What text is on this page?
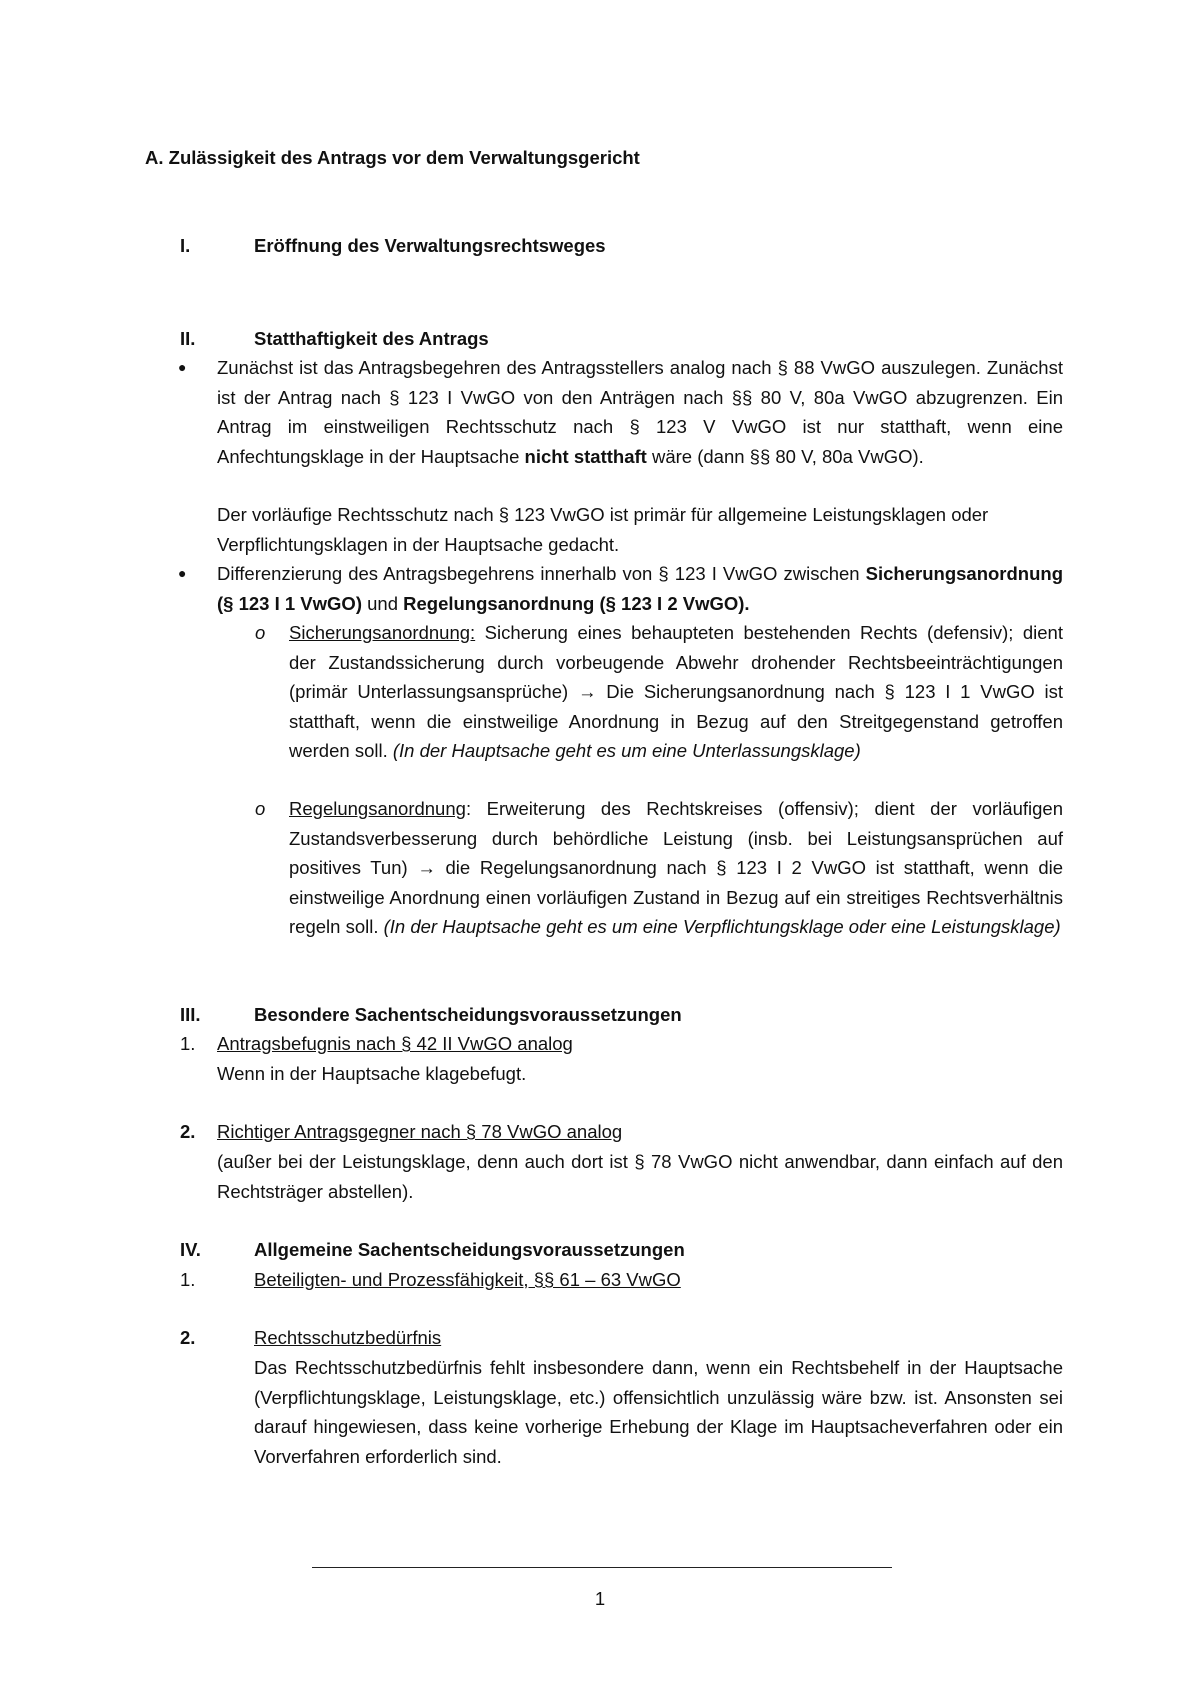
A. Zulässigkeit des Antrags vor dem Verwaltungsgericht
I.	Eröffnung des Verwaltungsrechtsweges
II.	Statthaftigkeit des Antrags
● Zunächst ist das Antragsbegehren des Antragsstellers analog nach § 88 VwGO auszulegen. Zunächst ist der Antrag nach § 123 I VwGO von den Anträgen nach §§ 80 V, 80a VwGO abzugrenzen. Ein Antrag im einstweiligen Rechtsschutz nach § 123 V VwGO ist nur statthaft, wenn eine Anfechtungsklage in der Hauptsache nicht statthaft wäre (dann §§ 80 V, 80a VwGO).
Der vorläufige Rechtsschutz nach § 123 VwGO ist primär für allgemeine Leistungsklagen oder Verpflichtungsklagen in der Hauptsache gedacht.
● Differenzierung des Antragsbegehrens innerhalb von § 123 I VwGO zwischen Sicherungsanordnung (§ 123 I 1 VwGO) und Regelungsanordnung (§ 123 I 2 VwGO).
o Sicherungsanordnung: Sicherung eines behaupteten bestehenden Rechts (defensiv); dient der Zustandssicherung durch vorbeugende Abwehr drohender Rechtsbeeinträchtigungen (primär Unterlassungsansprüche) → Die Sicherungsanordnung nach § 123 I 1 VwGO ist statthaft, wenn die einstweilige Anordnung in Bezug auf den Streitgegenstand getroffen werden soll. (In der Hauptsache geht es um eine Unterlassungsklage)
o Regelungsanordnung: Erweiterung des Rechtskreises (offensiv); dient der vorläufigen Zustandsverbesserung durch behördliche Leistung (insb. bei Leistungsansprüchen auf positives Tun) → die Regelungsanordnung nach § 123 I 2 VwGO ist statthaft, wenn die einstweilige Anordnung einen vorläufigen Zustand in Bezug auf ein streitiges Rechtsverhältnis regeln soll. (In der Hauptsache geht es um eine Verpflichtungsklage oder eine Leistungsklage)
III.	Besondere Sachentscheidungsvoraussetzungen
1. Antragsbefugnis nach § 42 II VwGO analog
Wenn in der Hauptsache klagebefugt.
2. Richtiger Antragsgegner nach § 78 VwGO analog
(außer bei der Leistungsklage, denn auch dort ist § 78 VwGO nicht anwendbar, dann einfach auf den Rechtsträger abstellen).
IV.	Allgemeine Sachentscheidungsvoraussetzungen
1.	Beteiligten- und Prozessfähigkeit, §§ 61 – 63 VwGO
2.	Rechtsschutzbedürfnis
Das Rechtsschutzbedürfnis fehlt insbesondere dann, wenn ein Rechtsbehelf in der Hauptsache (Verpflichtungsklage, Leistungsklage, etc.) offensichtlich unzulässig wäre bzw. ist. Ansonsten sei darauf hingewiesen, dass keine vorherige Erhebung der Klage im Hauptsacheverfahren oder ein Vorverfahren erforderlich sind.
1
